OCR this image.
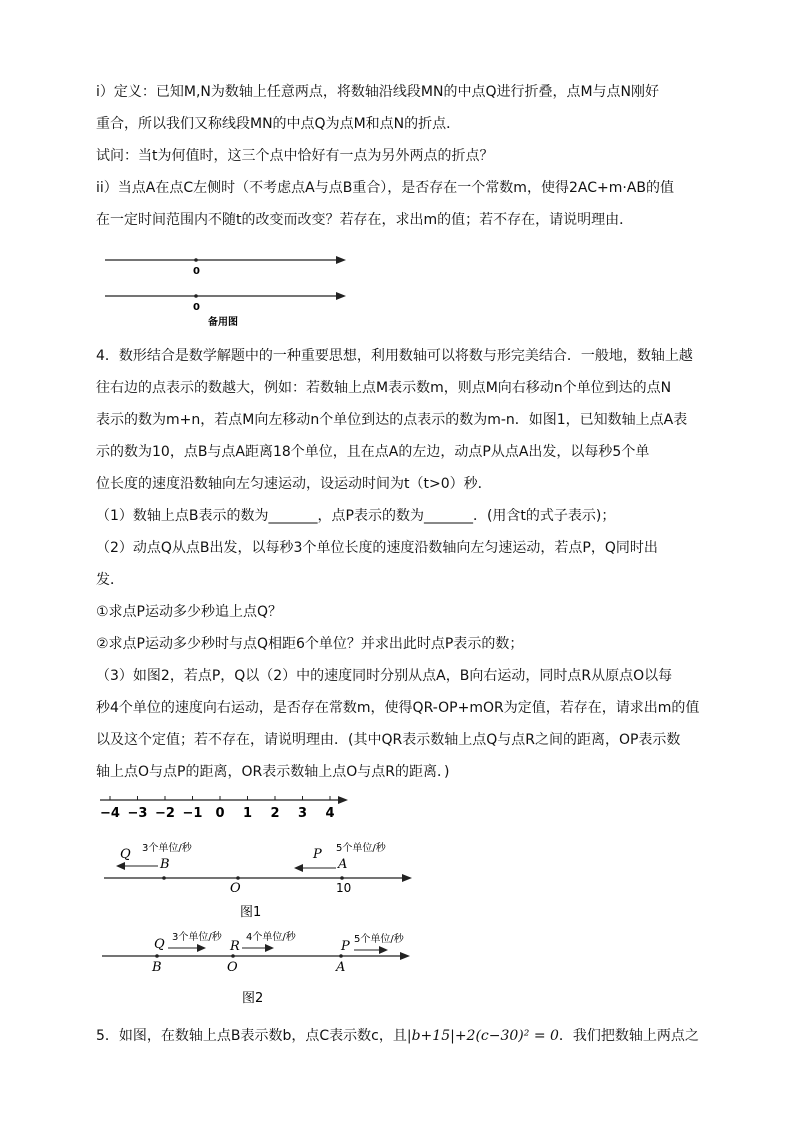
i）定义：已知M,N为数轴上任意两点，将数轴沿线段MN的中点Q进行折叠，点M与点N刚好
重合，所以我们又称线段MN的中点Q为点M和点N的折点．
试问：当t为何值时，这三个点中恰好有一点为另外两点的折点？
ii）当点A在点C左侧时（不考虑点A与点B重合），是否存在一个常数m，使得2AC+m·AB的值
在一定时间范围内不随t的改变而改变？若存在，求出m的值；若不存在，请说明理由．
0
0
备用图
4．数形结合是数学解题中的一种重要思想，利用数轴可以将数与形完美结合．一般地，数轴上越
往右边的点表示的数越大，例如：若数轴上点M表示数m，则点M向右移动n个单位到达的点N
表示的数为m+n，若点M向左移动n个单位到达的点表示的数为m-n．如图1，已知数轴上点A表
示的数为10，点B与点A距离18个单位，且在点A的左边，动点P从点A出发，以每秒5个单
位长度的速度沿数轴向左匀速运动，设运动时间为t（t>0）秒．
（1）数轴上点B表示的数为_______，点P表示的数为_______．(用含t的式子表示)；
（2）动点Q从点B出发，以每秒3个单位长度的速度沿数轴向左匀速运动，若点P，Q同时出
发．
①求点P运动多少秒追上点Q？
②求点P运动多少秒时与点Q相距6个单位？并求出此时点P表示的数；
（3）如图2，若点P，Q以（2）中的速度同时分别从点A，B向右运动，同时点R从原点O以每
秒4个单位的速度向右运动，是否存在常数m，使得QR-OP+mOR为定值，若存在，请求出m的值
以及这个定值；若不存在，请说明理由．(其中QR表示数轴上点Q与点R之间的距离，OP表示数
轴上点O与点P的距离，OR表示数轴上点O与点R的距离．)
−4 −3 −2 −1 0 1 2 3 4
Q 3个单位/秒
B
O
P 5个单位/秒
A
10
图1
Q
B
3个单位/秒
R
O
4个单位/秒
P
A
5个单位/秒
图2
5．如图，在数轴上点B表示数b，点C表示数c，且|b+15|+2(c−30)² = 0．我们把数轴上两点之
